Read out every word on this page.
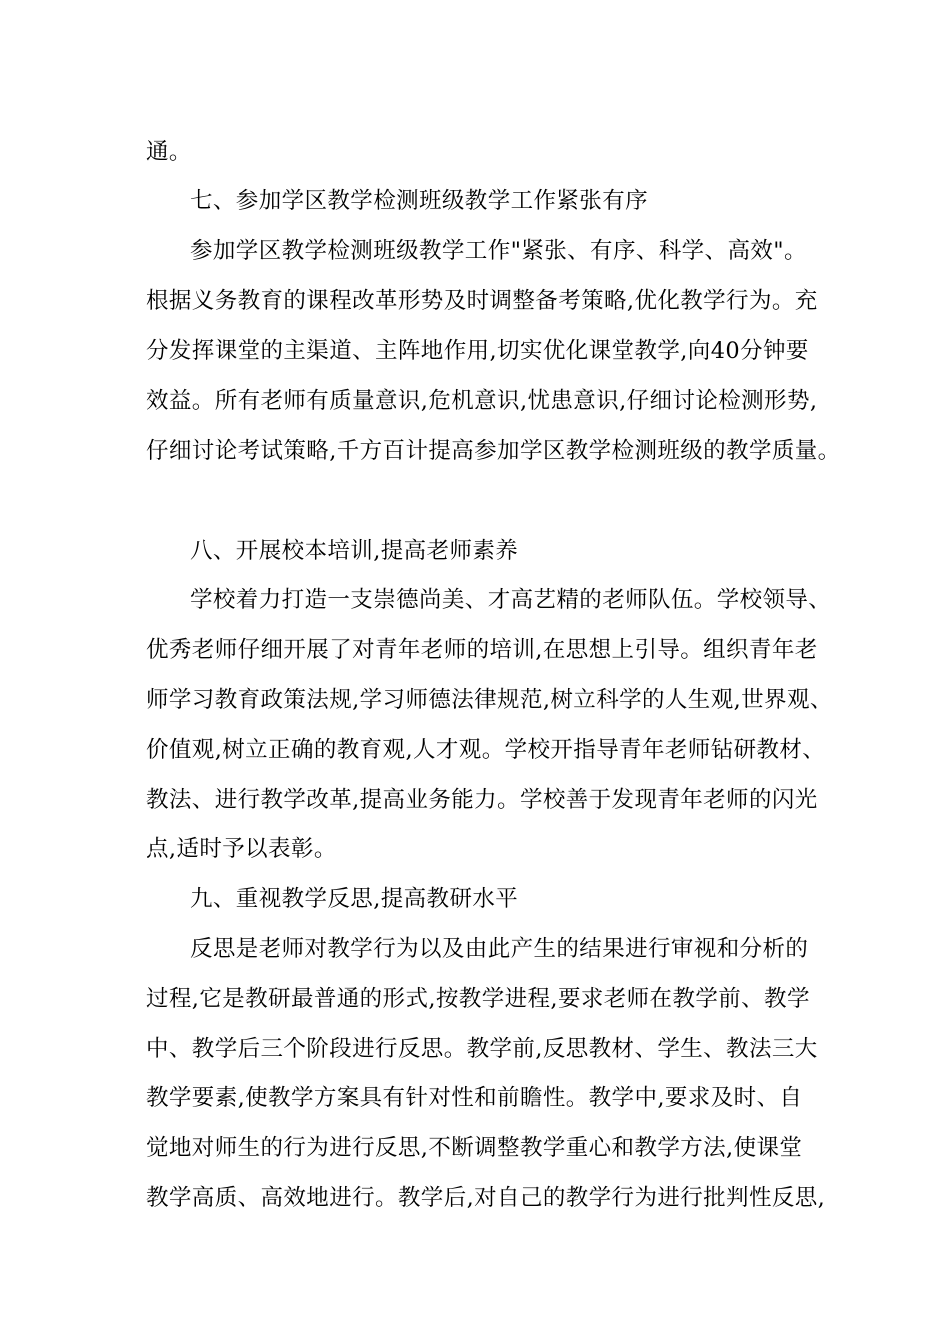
通。
七、参加学区教学检测班级教学工作紧张有序
参加学区教学检测班级教学工作"紧张、有序、科学、高效"。
根据义务教育的课程改革形势及时调整备考策略,优化教学行为。充
分发挥课堂的主渠道、主阵地作用,切实优化课堂教学,向40分钟要
效益。所有老师有质量意识,危机意识,忧患意识,仔细讨论检测形势,
仔细讨论考试策略,千方百计提高参加学区教学检测班级的教学质量。
八、开展校本培训,提高老师素养
学校着力打造一支崇德尚美、才高艺精的老师队伍。学校领导、
优秀老师仔细开展了对青年老师的培训,在思想上引导。组织青年老
师学习教育政策法规,学习师德法律规范,树立科学的人生观,世界观、
价值观,树立正确的教育观,人才观。学校开指导青年老师钻研教材、
教法、进行教学改革,提高业务能力。学校善于发现青年老师的闪光
点,适时予以表彰。
九、重视教学反思,提高教研水平
反思是老师对教学行为以及由此产生的结果进行审视和分析的
过程,它是教研最普通的形式,按教学进程,要求老师在教学前、教学
中、教学后三个阶段进行反思。教学前,反思教材、学生、教法三大
教学要素,使教学方案具有针对性和前瞻性。教学中,要求及时、自
觉地对师生的行为进行反思,不断调整教学重心和教学方法,使课堂
教学高质、高效地进行。教学后,对自己的教学行为进行批判性反思,
